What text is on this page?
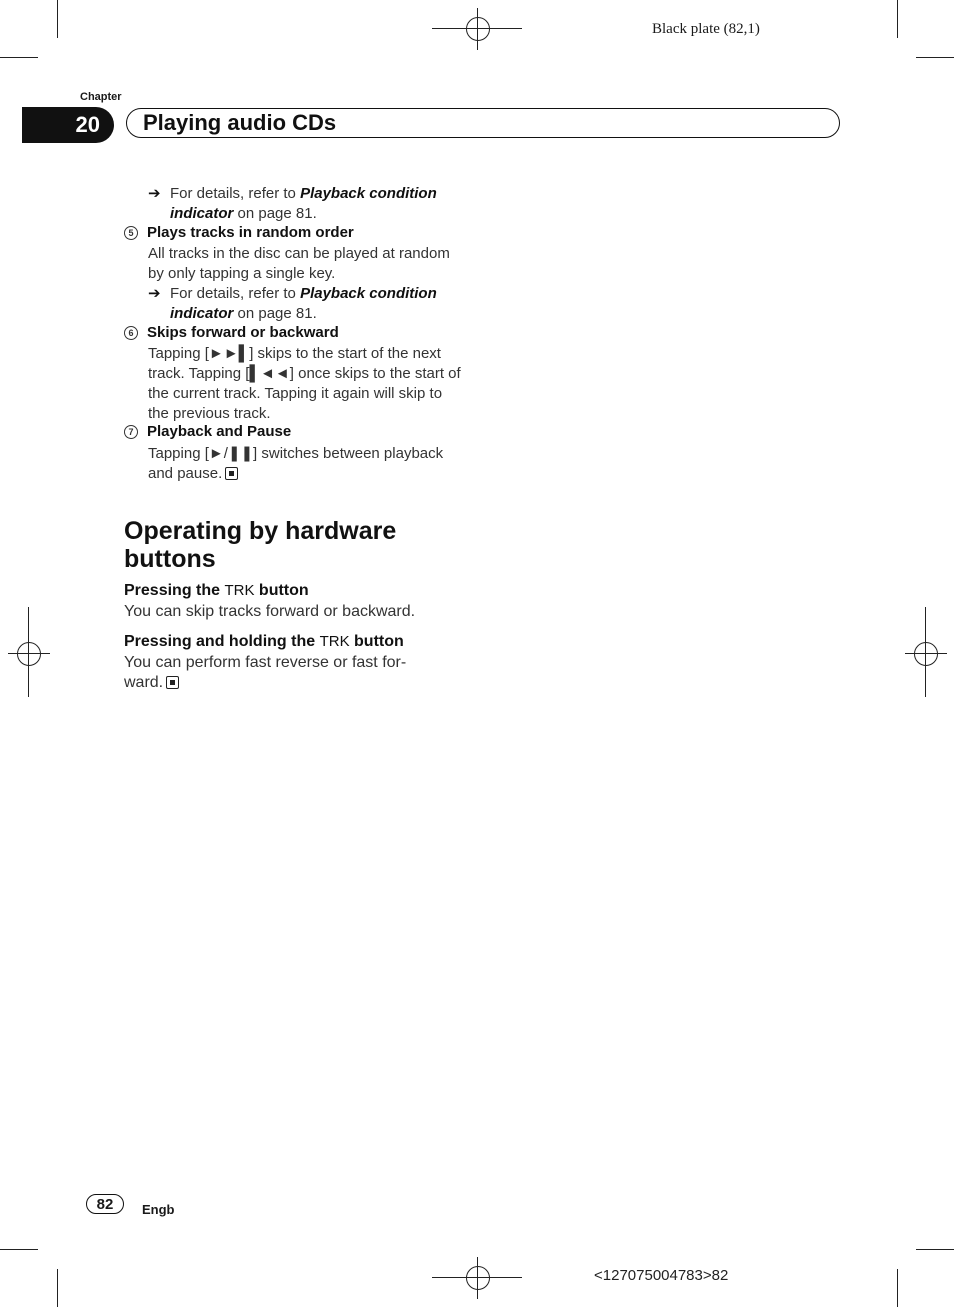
Black plate (82,1)
Chapter
20 Playing audio CDs
➔ For details, refer to Playback condition
indicator on page 81.
5 Plays tracks in random order
All tracks in the disc can be played at random
by only tapping a single key.
➔ For details, refer to Playback condition
indicator on page 81.
6 Skips forward or backward
Tapping [►►▌] skips to the start of the next
track. Tapping [▌◄◄] once skips to the start of
the current track. Tapping it again will skip to
the previous track.
7 Playback and Pause
Tapping [►/❚❚] switches between playback
and pause.
Operating by hardware
buttons
Pressing the TRK button
You can skip tracks forward or backward.
Pressing and holding the TRK button
You can perform fast reverse or fast for-
ward.
82	Engb
<127075004783>82
